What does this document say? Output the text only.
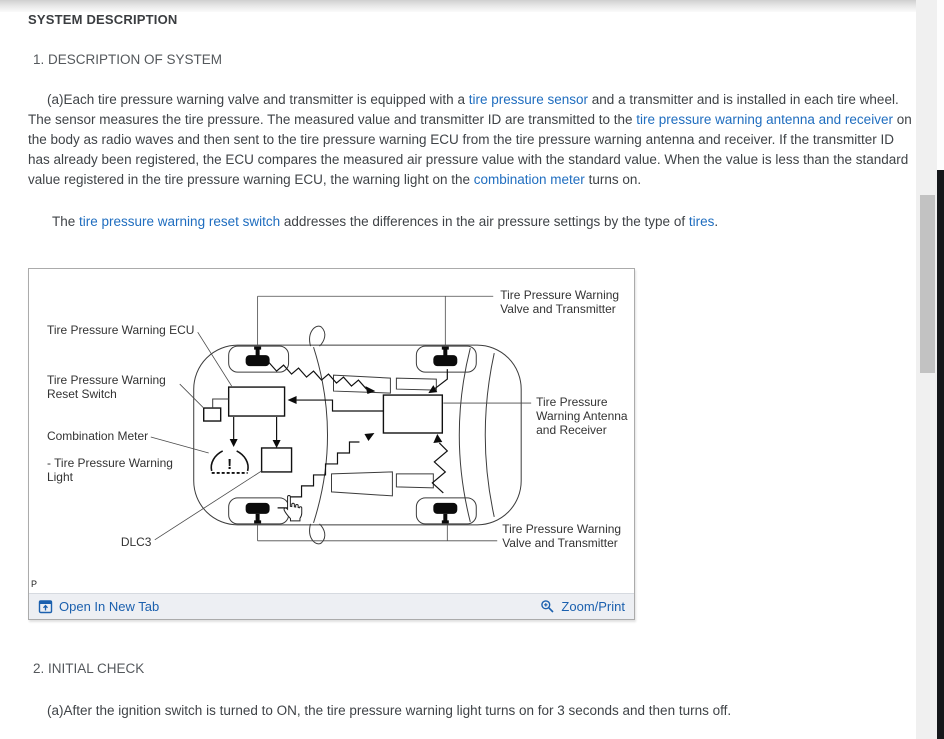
SYSTEM DESCRIPTION
1. DESCRIPTION OF SYSTEM

(a)Each tire pressure warning valve and transmitter is equipped with a tire pressure sensor and a transmitter and is installed in each tire wheel. The sensor measures the tire pressure. The measured value and transmitter ID are transmitted to the tire pressure warning antenna and receiver on the body as radio waves and then sent to the tire pressure warning ECU from the tire pressure warning antenna and receiver. If the transmitter ID has already been registered, the ECU compares the measured air pressure value with the standard value. When the value is less than the standard value registered in the tire pressure warning ECU, the warning light on the combination meter turns on.

The tire pressure warning reset switch addresses the differences in the air pressure settings by the type of tires.

!
Tire Pressure Warning
Valve and Transmitter
Tire Pressure Warning ECU
Tire Pressure Warning
Reset Switch
Tire Pressure
Warning Antenna
and Receiver
Combination Meter
- Tire Pressure Warning
Light
DLC3
Tire Pressure Warning
Valve and Transmitter
P
Open In New Tab	Zoom/Print
2. INITIAL CHECK

(a)After the ignition switch is turned to ON, the tire pressure warning light turns on for 3 seconds and then turns off.
